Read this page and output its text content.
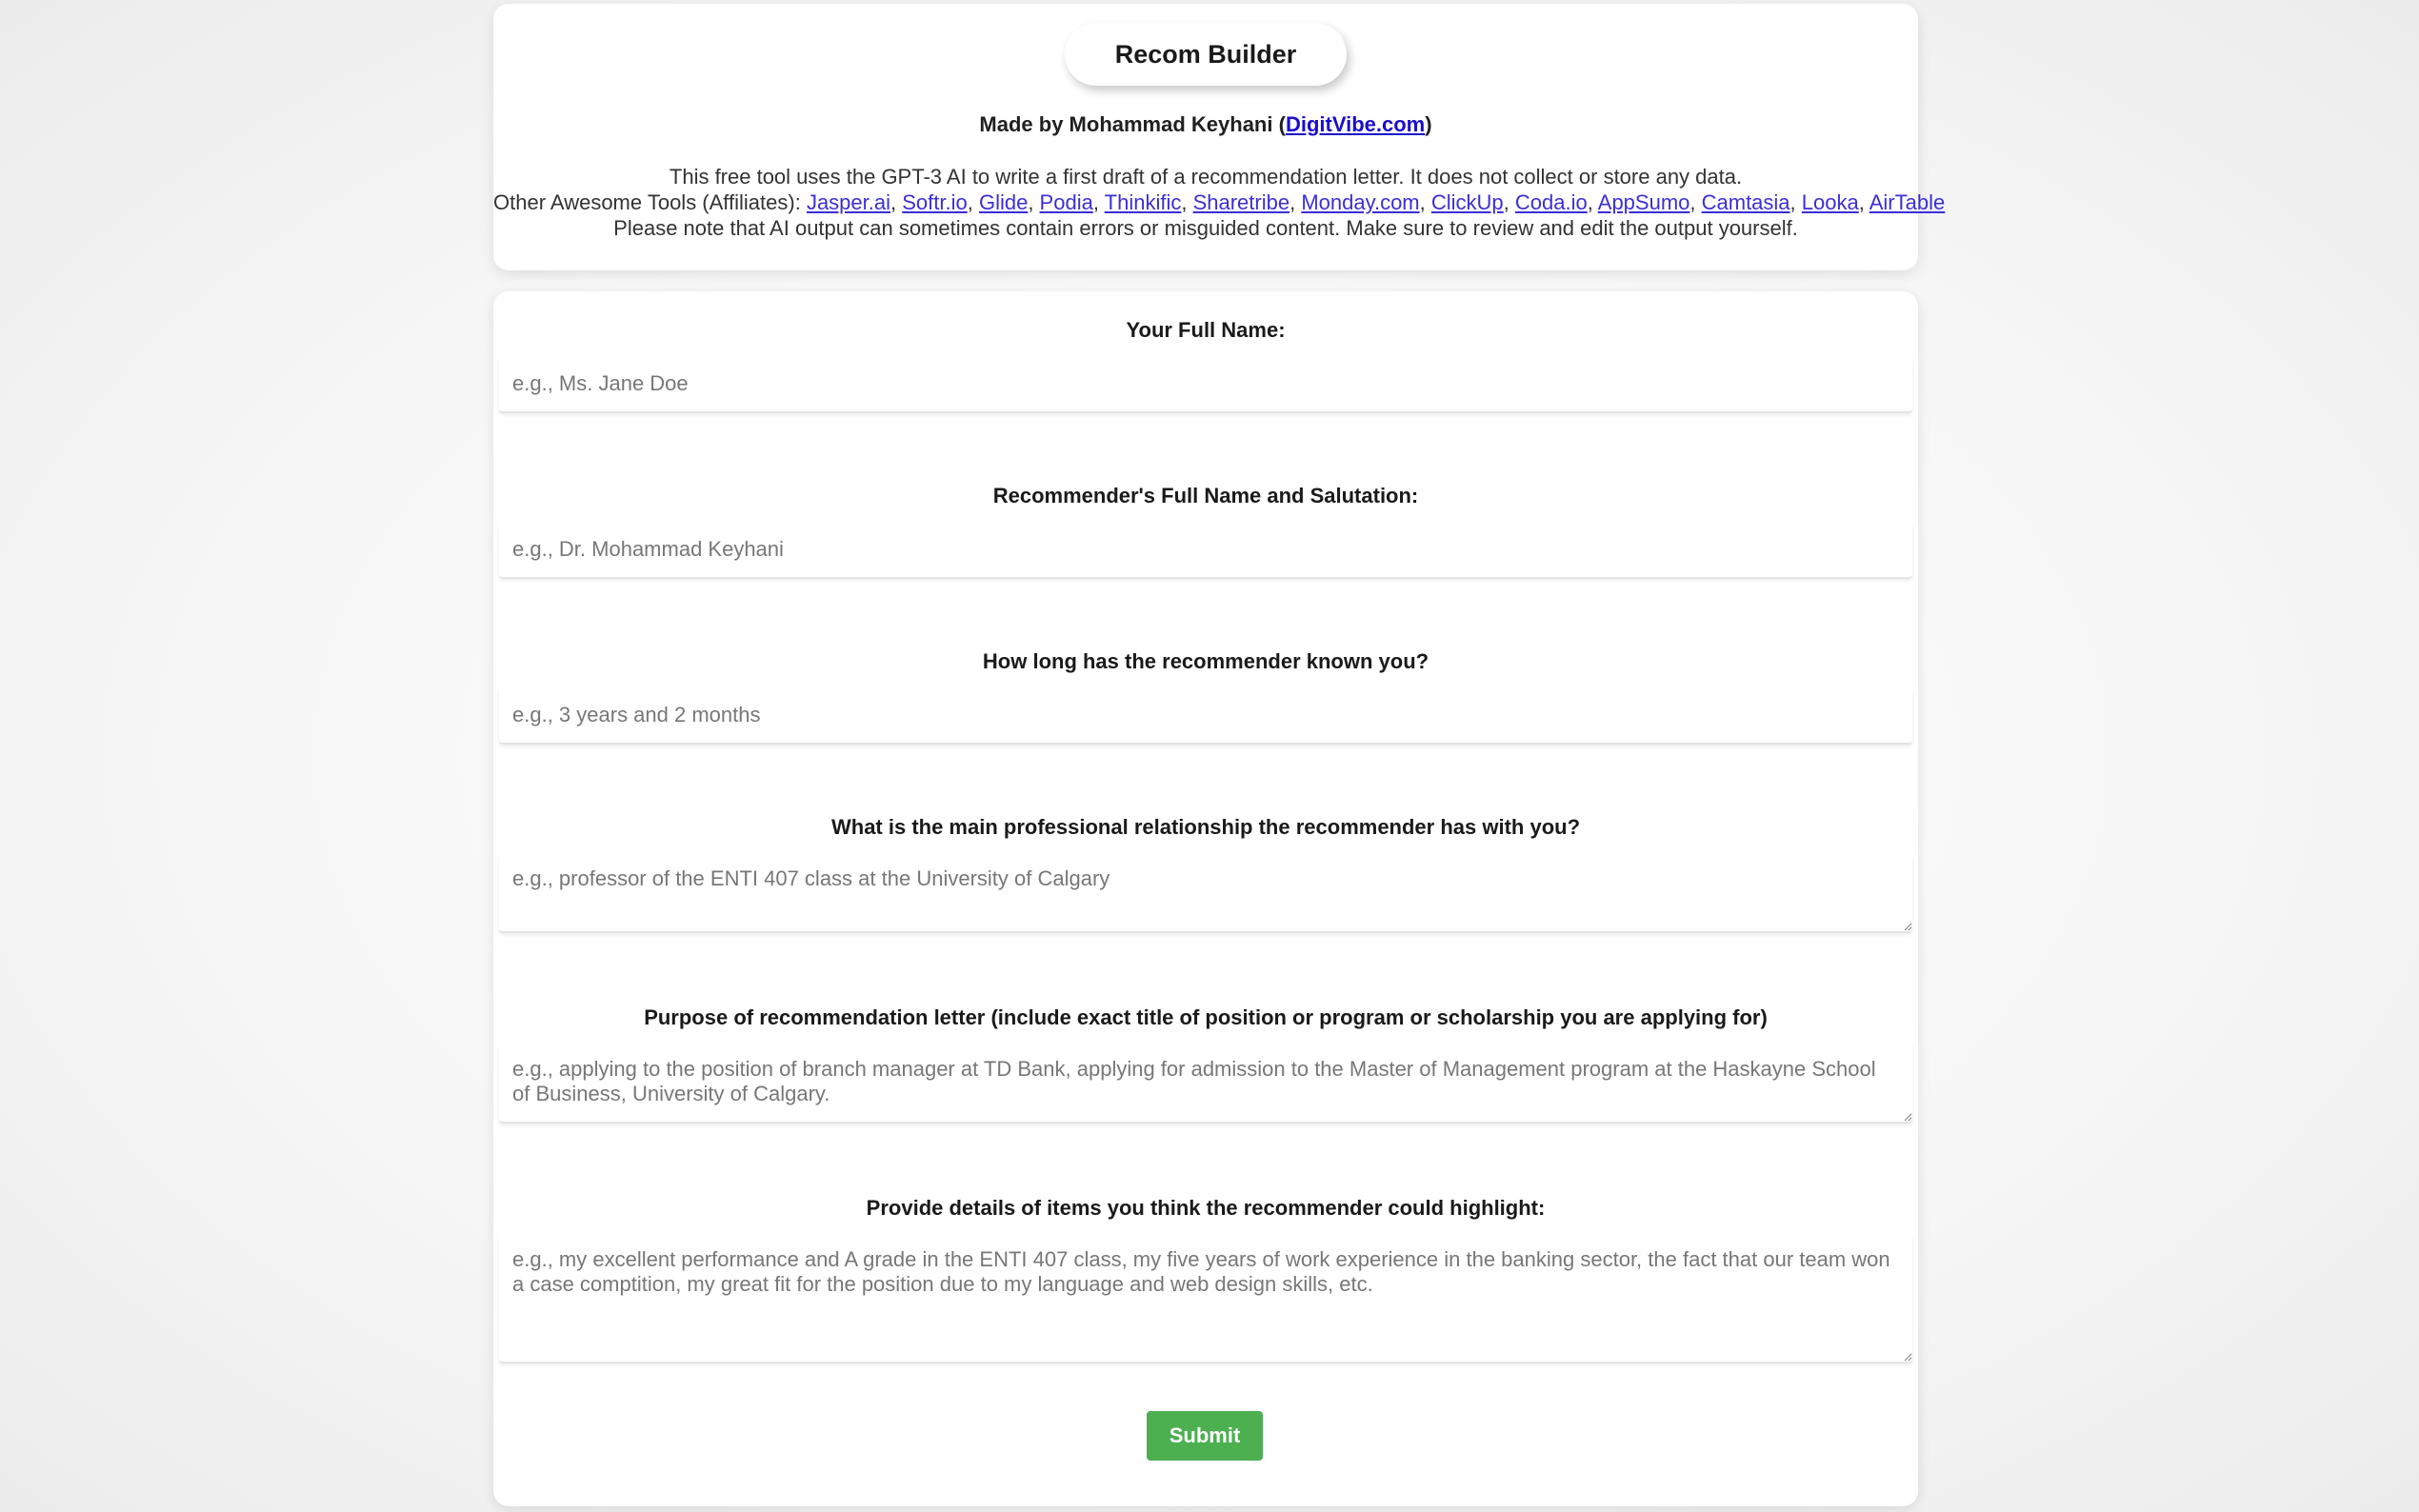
Recom Builder
Made by Mohammad Keyhani (DigitVibe.com)
This free tool uses the GPT-3 AI to write a first draft of a recommendation letter. It does not collect or store any data.
Other Awesome Tools (Affiliates): Jasper.ai, Softr.io, Glide, Podia, Thinkific, Sharetribe, Monday.com, ClickUp, Coda.io, AppSumo, Camtasia, Looka, AirTable
Please note that AI output can sometimes contain errors or misguided content. Make sure to review and edit the output yourself.
Your Full Name:
e.g., Ms. Jane Doe
Recommender's Full Name and Salutation:
e.g., Dr. Mohammad Keyhani
How long has the recommender known you?
e.g., 3 years and 2 months
What is the main professional relationship the recommender has with you?
e.g., professor of the ENTI 407 class at the University of Calgary
Purpose of recommendation letter (include exact title of position or program or scholarship you are applying for)
e.g., applying to the position of branch manager at TD Bank, applying for admission to the Master of Management program at the Haskayne School of Business, University of Calgary.
Provide details of items you think the recommender could highlight:
e.g., my excellent performance and A grade in the ENTI 407 class, my five years of work experience in the banking sector, the fact that our team won a case comptition, my great fit for the position due to my language and web design skills, etc.
Submit
